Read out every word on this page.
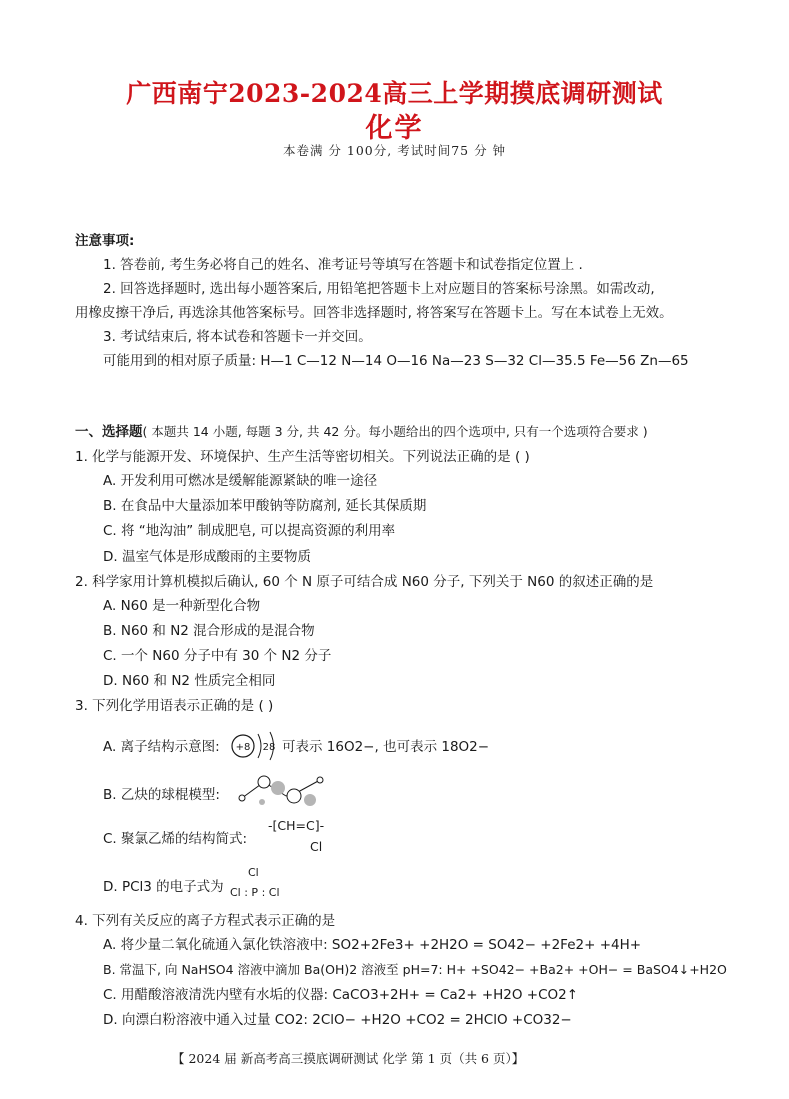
广西南宁2023-2024高三上学期摸底调研测试
化学
本卷满 分 100分, 考试时间75 分 钟
注意事项:
1. 答卷前, 考生务必将自己的姓名、准考证号等填写在答题卡和试卷指定位置上 .
2. 回答选择题时, 选出每小题答案后, 用铅笔把答题卡上对应题目的答案标号涂黑。如需改动,
用橡皮擦干净后, 再选涂其他答案标号。回答非选择题时, 将答案写在答题卡上。写在本试卷上无效。
3. 考试结束后, 将本试卷和答题卡一并交回。
可能用到的相对原子质量: H—1 C—12 N—14 O—16 Na—23 S—32 Cl—35.5 Fe—56 Zn—65
一、选择题( 本题共 14 小题, 每题 3 分, 共 42 分。每小题给出的四个选项中, 只有一个选项符合要求 )
1. 化学与能源开发、环境保护、生产生活等密切相关。下列说法正确的是 ( )
A. 开发利用可燃冰是缓解能源紧缺的唯一途径
B. 在食品中大量添加苯甲酸钠等防腐剂, 延长其保质期
C. 将 “地沟油” 制成肥皂, 可以提高资源的利用率
D. 温室气体是形成酸雨的主要物质
2. 科学家用计算机模拟后确认, 60 个 N 原子可结合成 N60 分子, 下列关于 N60 的叙述正确的是
A. N60 是一种新型化合物
B. N60 和 N2 混合形成的是混合物
C. 一个 N60 分子中有 30 个 N2 分子
D. N60 和 N2 性质完全相同
3. 下列化学用语表示正确的是 ( )
A. 离子结构示意图: +8 28 可表示 16O2−, 也可表示 18O2−
B. 乙炔的球棍模型:
C. 聚氯乙烯的结构简式:
-[CH=C]-
Cl
D. PCl3 的电子式为
Cl
Cl : P : Cl
4. 下列有关反应的离子方程式表示正确的是
A. 将少量二氧化硫通入氯化铁溶液中: SO2+2Fe3+ +2H2O = SO42− +2Fe2+ +4H+
B. 常温下, 向 NaHSO4 溶液中滴加 Ba(OH)2 溶液至 pH=7: H+ +SO42− +Ba2+ +OH− = BaSO4↓+H2O
C. 用醋酸溶液清洗内壁有水垢的仪器: CaCO3+2H+ = Ca2+ +H2O +CO2↑
D. 向漂白粉溶液中通入过量 CO2: 2ClO− +H2O +CO2 = 2HClO +CO32−
【 2024 届 新高考高三摸底调研测试 化学 第 1 页（共 6 页）】
